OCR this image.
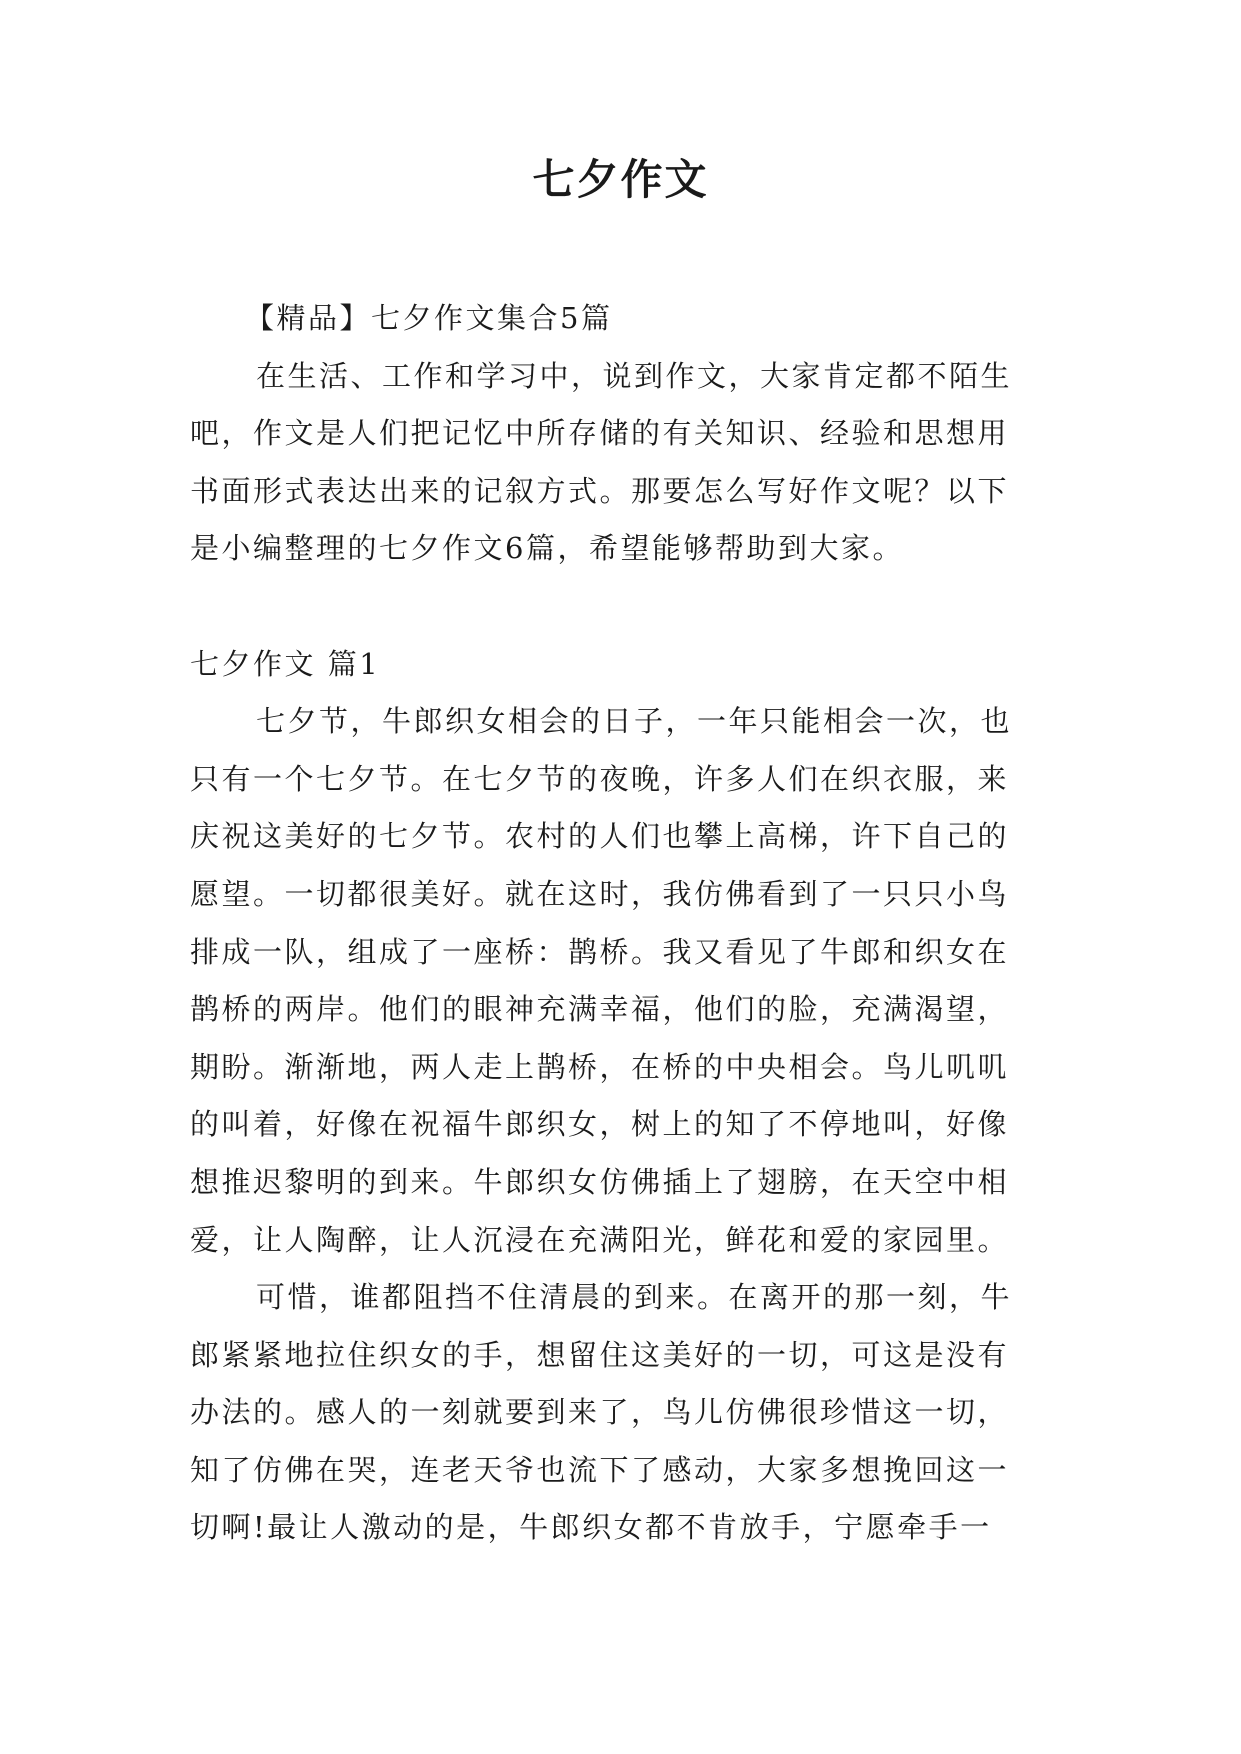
七夕作文

【精品】七夕作文集合5篇

在生活、工作和学习中，说到作文，大家肯定都不陌生

吧，作文是人们把记忆中所存储的有关知识、经验和思想用

书面形式表达出来的记叙方式。那要怎么写好作文呢？以下

是小编整理的七夕作文6篇，希望能够帮助到大家。

七夕作文 篇1

七夕节，牛郎织女相会的日子，一年只能相会一次，也

只有一个七夕节。在七夕节的夜晚，许多人们在织衣服，来

庆祝这美好的七夕节。农村的人们也攀上高梯，许下自己的

愿望。一切都很美好。就在这时，我仿佛看到了一只只小鸟

排成一队，组成了一座桥：鹊桥。我又看见了牛郎和织女在

鹊桥的两岸。他们的眼神充满幸福，他们的脸，充满渴望，

期盼。渐渐地，两人走上鹊桥，在桥的中央相会。鸟儿叽叽

的叫着，好像在祝福牛郎织女，树上的知了不停地叫，好像

想推迟黎明的到来。牛郎织女仿佛插上了翅膀，在天空中相

爱，让人陶醉，让人沉浸在充满阳光，鲜花和爱的家园里。

可惜，谁都阻挡不住清晨的到来。在离开的那一刻，牛

郎紧紧地拉住织女的手，想留住这美好的一切，可这是没有

办法的。感人的一刻就要到来了，鸟儿仿佛很珍惜这一切，

知了仿佛在哭，连老天爷也流下了感动，大家多想挽回这一

切啊!最让人激动的是，牛郎织女都不肯放手，宁愿牵手一
